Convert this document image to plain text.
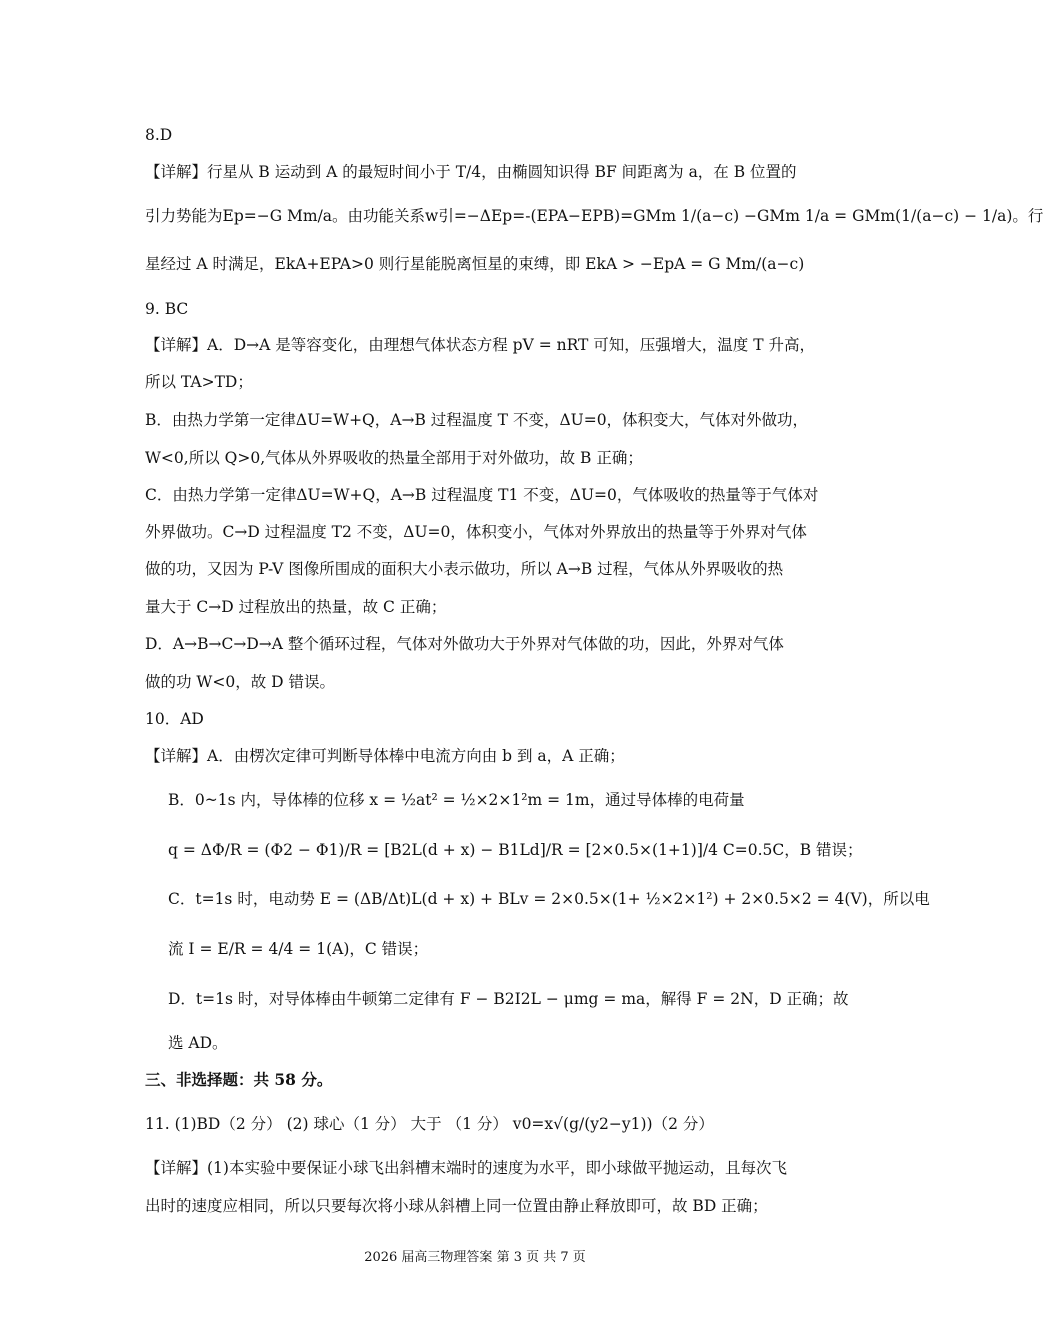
8.D
【详解】行星从 B 运动到 A 的最短时间小于 T/4，由椭圆知识得 BF 间距离为 a，在 B 位置的
引力势能为Ep=−G Mm/a。由功能关系w引=−ΔEp=-(EPA−EPB)=GMm 1/(a−c) −GMm 1/a = GMm(1/(a−c) − 1/a)。行
星经过 A 时满足，EkA+EPA>0 则行星能脱离恒星的束缚，即 EkA > −EpA = G Mm/(a−c)
9. BC
【详解】A．D→A 是等容变化，由理想气体状态方程 pV = nRT 可知，压强增大，温度 T 升高，
所以 TA>TD；
B．由热力学第一定律ΔU=W+Q，A→B 过程温度 T 不变，ΔU=0，体积变大，气体对外做功，
W<0,所以 Q>0,气体从外界吸收的热量全部用于对外做功，故 B 正确；
C．由热力学第一定律ΔU=W+Q，A→B 过程温度 T1 不变，ΔU=0，气体吸收的热量等于气体对
外界做功。C→D 过程温度 T2 不变，ΔU=0，体积变小，气体对外界放出的热量等于外界对气体
做的功，又因为 P-V 图像所围成的面积大小表示做功，所以 A→B 过程，气体从外界吸收的热
量大于 C→D 过程放出的热量，故 C 正确；
D．A→B→C→D→A 整个循环过程，气体对外做功大于外界对气体做的功，因此，外界对气体
做的功 W<0，故 D 错误。
10．AD
【详解】A．由楞次定律可判断导体棒中电流方向由 b 到 a，A 正确；
B．0~1s 内，导体棒的位移 x = ½at² = ½×2×1²m = 1m，通过导体棒的电荷量
q = ΔΦ/R = (Φ2 − Φ1)/R = [B2L(d + x) − B1Ld]/R = [2×0.5×(1+1)]/4 C=0.5C，B 错误；
C．t=1s 时，电动势 E = (ΔB/Δt)L(d + x) + BLv = 2×0.5×(1+ ½×2×1²) + 2×0.5×2 = 4(V)，所以电
流 I = E/R = 4/4 = 1(A)，C 错误；
D．t=1s 时，对导体棒由牛顿第二定律有 F − B2I2L − μmg = ma，解得 F = 2N，D 正确；故
选 AD。
三、非选择题：共 58 分。
11. (1)BD（2 分） (2) 球心（1 分） 大于 （1 分） v0=x√(g/(y2−y1))（2 分）
【详解】(1)本实验中要保证小球飞出斜槽末端时的速度为水平，即小球做平抛运动，且每次飞
出时的速度应相同，所以只要每次将小球从斜槽上同一位置由静止释放即可，故 BD 正确；
2026 届高三物理答案 第 3 页 共 7 页
